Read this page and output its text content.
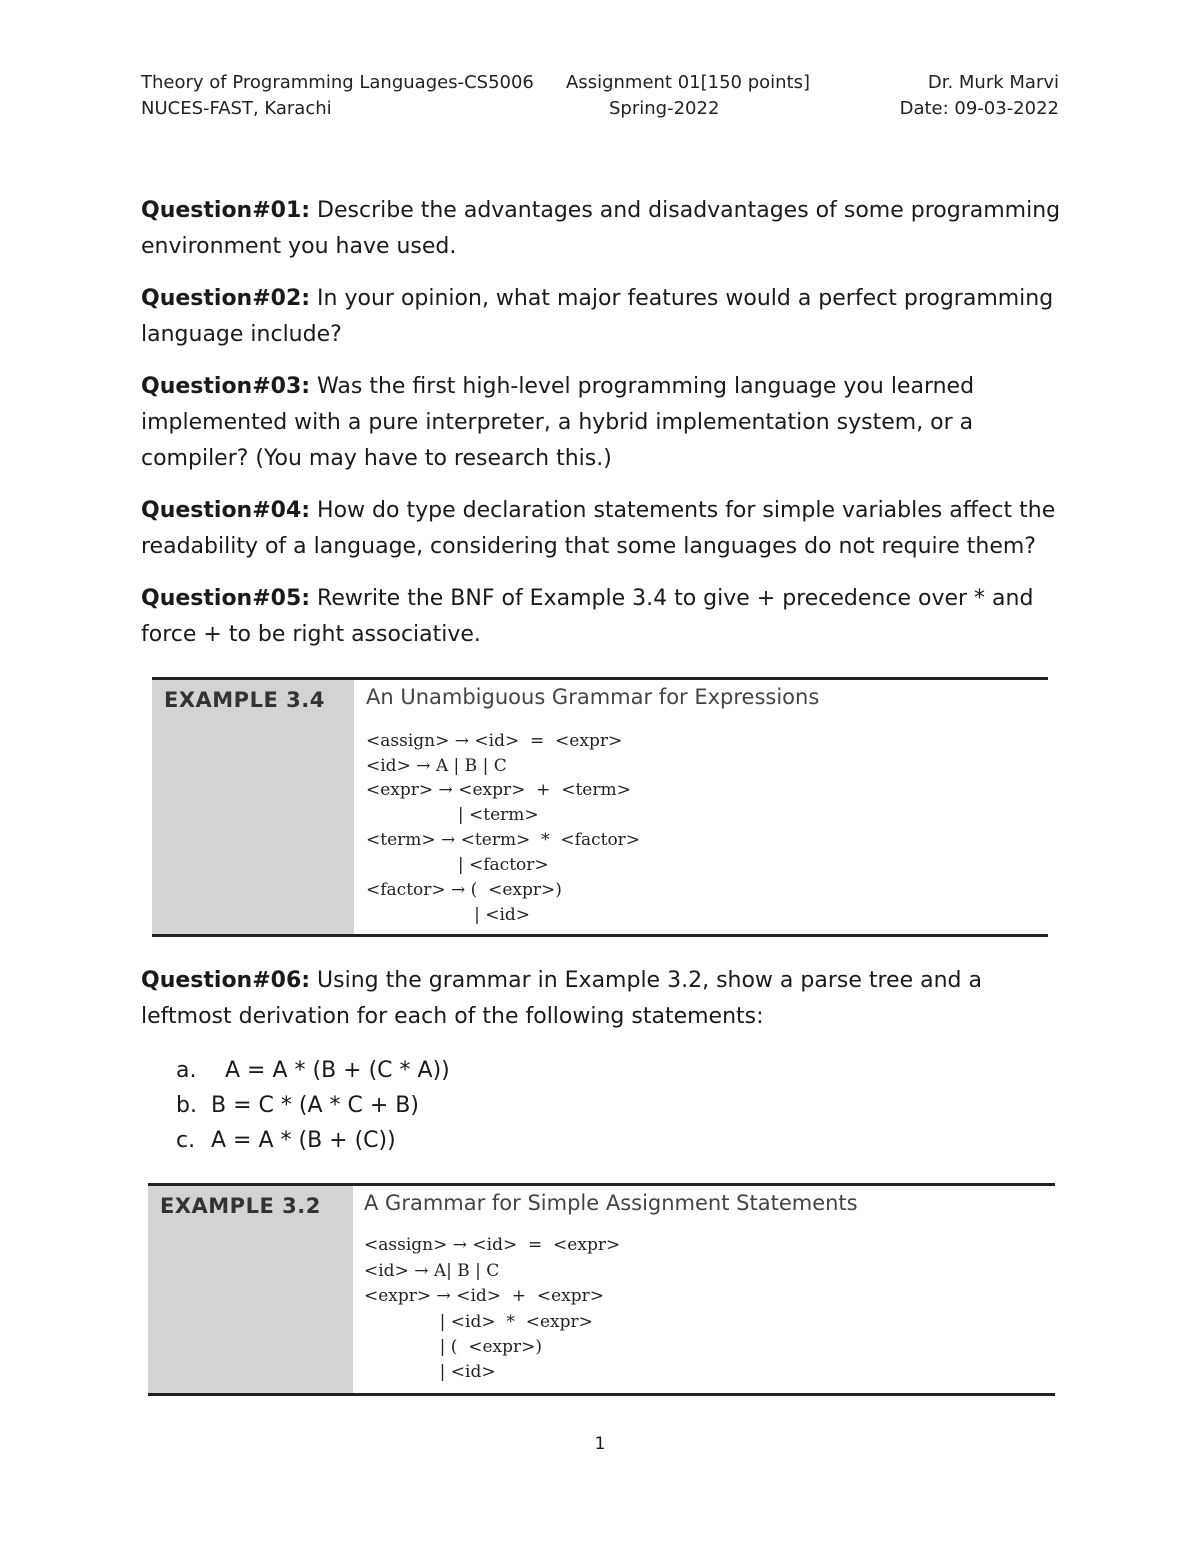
Theory of Programming Languages-CS5006 Assignment 01[150 points]	Dr. Murk Marvi
NUCES-FAST, Karachi	Spring-2022	Date: 09-03-2022

Question#01: Describe the advantages and disadvantages of some programming environment you have used.

Question#02: In your opinion, what major features would a perfect programming language include?

Question#03: Was the first high-level programming language you learned implemented with a pure interpreter, a hybrid implementation system, or a compiler? (You may have to research this.)

Question#04: How do type declaration statements for simple variables affect the readability of a language, considering that some languages do not require them?

Question#05: Rewrite the BNF of Example 3.4 to give + precedence over * and force + to be right associative.

EXAMPLE 3.4 An Unambiguous Grammar for Expressions
<assign> → <id>  =  <expr>
<id> → A | B | C
<expr> → <expr>  +  <term>
| <term>
<term> → <term>  *  <factor>
| <factor>
<factor> → (  <expr>)
| <id>

Question#06: Using the grammar in Example 3.2, show a parse tree and a leftmost derivation for each of the following statements:

a.  A = A * (B + (C * A))
b. B = C * (A * C + B)
c. A = A * (B + (C))
EXAMPLE 3.2 A Grammar for Simple Assignment Statements
<assign> → <id>  =  <expr>
<id> → A| B | C
<expr> → <id>  +  <expr>
| <id>  *  <expr>
| (  <expr>)
| <id>
1
